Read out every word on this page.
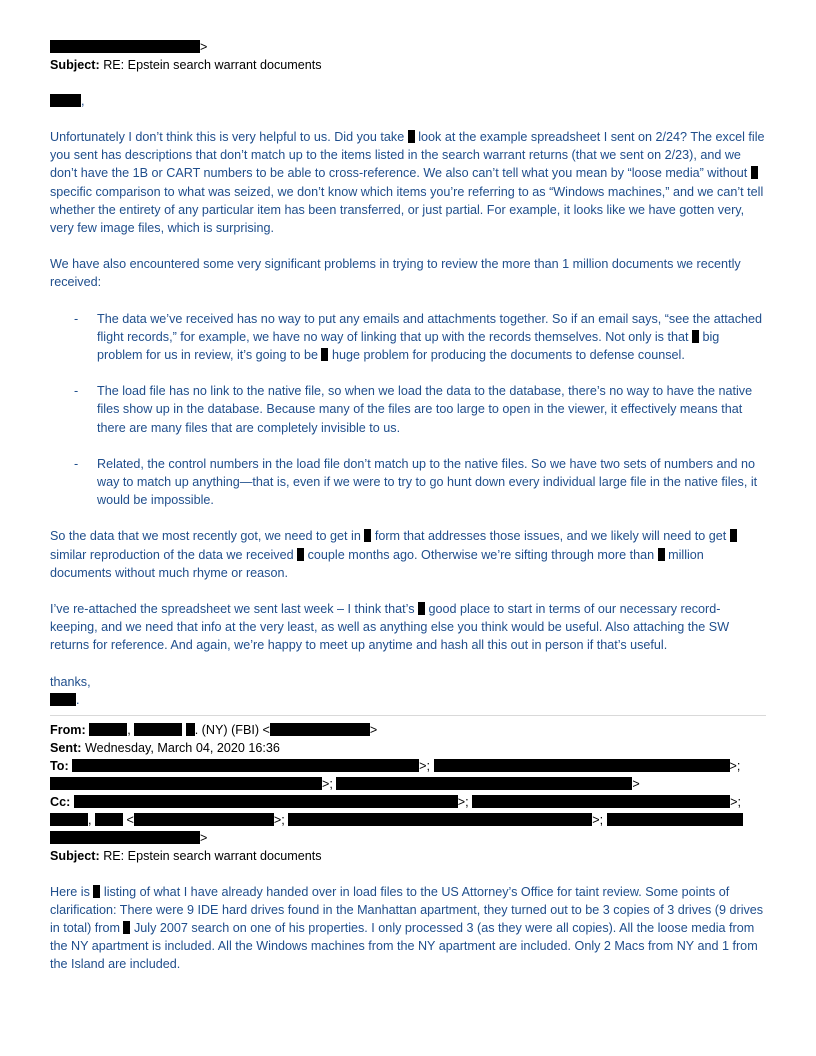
>
Subject: RE: Epstein search warrant documents
,
Unfortunately I don’t think this is very helpful to us. Did you take  look at the example spreadsheet I sent on 2/24? The excel file you sent has descriptions that don’t match up to the items listed in the search warrant returns (that we sent on 2/23), and we don’t have the 1B or CART numbers to be able to cross-reference. We also can’t tell what you mean by “loose media” without  specific comparison to what was seized, we don’t know which items you’re referring to as “Windows machines,” and we can’t tell whether the entirety of any particular item has been transferred, or just partial. For example, it looks like we have gotten very, very few image files, which is surprising.
We have also encountered some very significant problems in trying to review the more than 1 million documents we recently received:
- The data we’ve received has no way to put any emails and attachments together. So if an email says, “see the attached flight records,” for example, we have no way of linking that up with the records themselves. Not only is that  big problem for us in review, it’s going to be  huge problem for producing the documents to defense counsel.
- The load file has no link to the native file, so when we load the data to the database, there’s no way to have the native files show up in the database. Because many of the files are too large to open in the viewer, it effectively means that there are many files that are completely invisible to us.
- Related, the control numbers in the load file don’t match up to the native files. So we have two sets of numbers and no way to match up anything—that is, even if we were to try to go hunt down every individual large file in the native files, it would be impossible.
So the data that we most recently got, we need to get in  form that addresses those issues, and we likely will need to get  similar reproduction of the data we received  couple months ago. Otherwise we’re sifting through more than  million documents without much rhyme or reason.
I’ve re-attached the spreadsheet we sent last week – I think that’s  good place to start in terms of our necessary record-keeping, and we need that info at the very least, as well as anything else you think would be useful. Also attaching the SW returns for reference. And again, we’re happy to meet up anytime and hash all this out in person if that’s useful.
thanks,
.
From:	,	. (NY) (FBI) <	>
Sent: Wednesday, March 04, 2020 16:36
To:	>;	>;
>;	>
Cc:	>;	>;
,	<	>;	>;
>
Subject: RE: Epstein search warrant documents
Here is  listing of what I have already handed over in load files to the US Attorney’s Office for taint review. Some points of clarification: There were 9 IDE hard drives found in the Manhattan apartment, they turned out to be 3 copies of 3 drives (9 drives in total) from  July 2007 search on one of his properties. I only processed 3 (as they were all copies). All the loose media from the NY apartment is included. All the Windows machines from the NY apartment are included. Only 2 Macs from NY and 1 from the Island are included.
